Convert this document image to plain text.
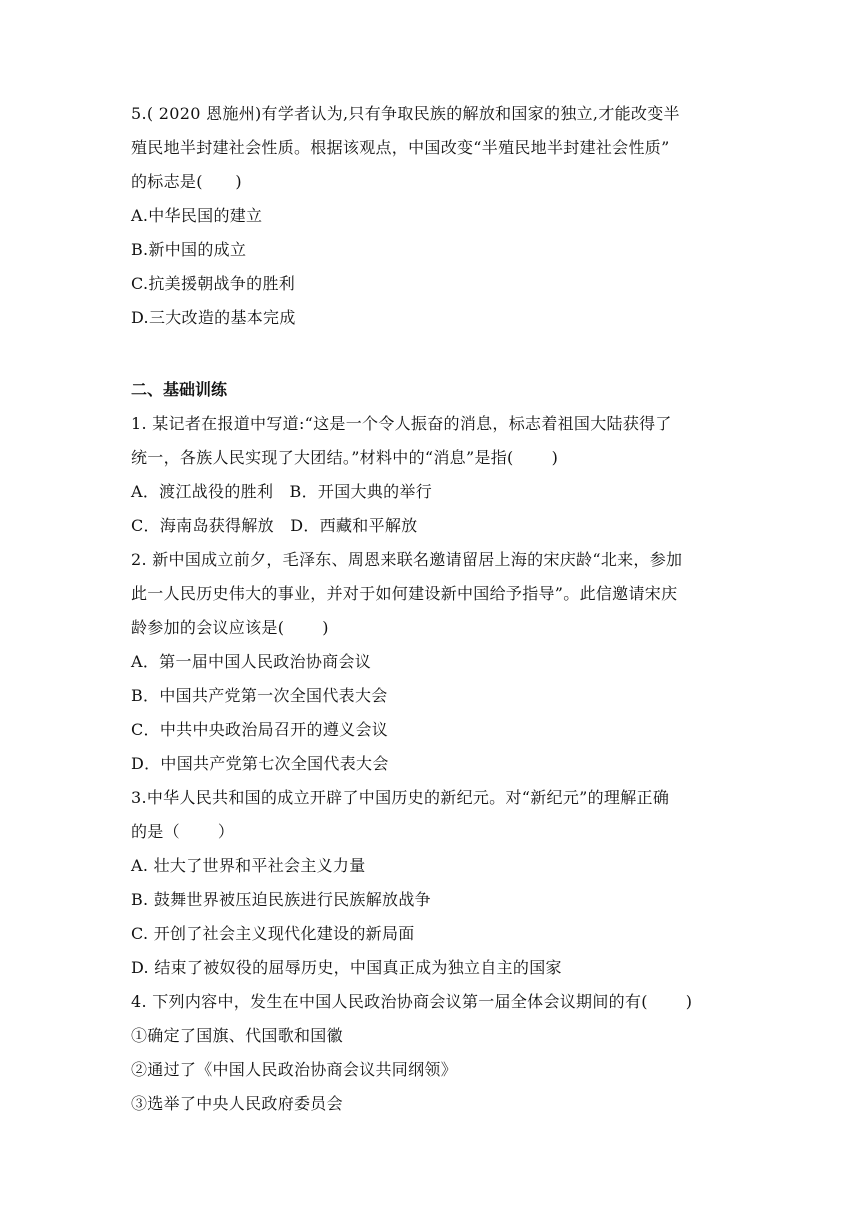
5.( 2020 恩施州)有学者认为,只有争取民族的解放和国家的独立,才能改变半
殖民地半封建社会性质。根据该观点，中国改变“半殖民地半封建社会性质”
的标志是(　　)
A.中华民国的建立
B.新中国的成立
C.抗美援朝战争的胜利
D.三大改造的基本完成
二、基础训练
1. 某记者在报道中写道:“这是一个令人振奋的消息，标志着祖国大陆获得了
统一，各族人民实现了大团结。”材料中的“消息”是指(　　 )
A．渡江战役的胜利　B．开国大典的举行
C．海南岛获得解放　D．西藏和平解放
2. 新中国成立前夕，毛泽东、周恩来联名邀请留居上海的宋庆龄“北来，参加
此一人民历史伟大的事业，并对于如何建设新中国给予指导”。此信邀请宋庆
龄参加的会议应该是(　　 )
A．第一届中国人民政治协商会议
B．中国共产党第一次全国代表大会
C．中共中央政治局召开的遵义会议
D．中国共产党第七次全国代表大会
3.中华人民共和国的成立开辟了中国历史的新纪元。对“新纪元”的理解正确
的是（　　 ）
A. 壮大了世界和平社会主义力量
B. 鼓舞世界被压迫民族进行民族解放战争
C. 开创了社会主义现代化建设的新局面
D. 结束了被奴役的屈辱历史，中国真正成为独立自主的国家
4. 下列内容中，发生在中国人民政治协商会议第一届全体会议期间的有(　　 )
①确定了国旗、代国歌和国徽
②通过了《中国人民政治协商会议共同纲领》
③选举了中央人民政府委员会
